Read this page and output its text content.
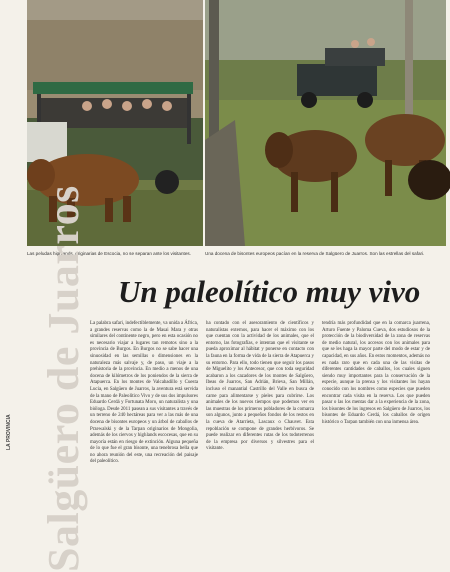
Las peludas highlands, originarias de Escocia, no se separan ante los visitantes.	Una docena de bisontes europeos pacían en la reserva de Salgüero de Juarros. Son las estrellas del safari.
Salgüero de Juarros
LA PROVINCIA
Un paleolítico muy vivo
La palabra safari, indefectiblemente, va unida a África, a grandes reservas como la de Masai Mara y otras similares del continente negro, pero en esta ocasión no es necesario viajar a lugares tan remotos sino a la provincia de Burgos. En Burgos no se sabe hacer una sinuosidad en las semillas o dimensiones en la naturaleza más salvaje y, de paso, un viaje a la prehistoria de la provincia. En medio a menos de una docena de kilómetros de los poniendos de la sierra de Atapuerca. En los montes de Valcabadillo y Cuesta Lucia, en Salgüero de Juarros, la aventura está servida de la mano de Paleolítico Vivo y de sus dos impulsores Eduardo Cerdá y Fortunata Moro, un naturalista y una bióloga. Desde 2011 pasean a sus visitantes a través de un terreno de 240 hectáreas para ver a las más de una docena de bisontes europeos y un árbol de caballos de Przewalski y de la Tarpan originarios de Mongolia, además de los ciervos y highlands escocesas, que en su mayoría están en riesgo de extinción. Alguna pequeña de lo que fue el gran bisonte, una tenebrosa bella que no ahora reunión del este, una recreación del paisaje del paleolítico.
ha contado con el asesoramiento de científicos y naturalistas externos, para hacer el máximo con los que cuentan con la actividad de los animales, que el entorno, las fotografías, e intentan que el visitante se pueda aproximar al hábitat y ponerse en contacto con la fauna en la forma de vida de la sierra de Atapuerca y su entorno. Para ello, todo tienen que seguir los pasos de Miguelito y los Antecesor, que con toda seguridad acabaron a los cazadores de los montes de Salgüero, Ibeas de Juarros, San Adrián, Brieva, San Millán, incluso el manantial Castrillo del Valle en busca de carne para alimentarse y pieles para cubrirse. Los animales de los nuevos tiempos que podemos ver en las muestras de los primeros pobladores de la comarca son algunos, junto a pequeños fondos de los restos en la cueva de Atarrieta, Lascaux o Chauvet. Esta repoblación se compone de grandes herbívoros. Se puede realizar en diferentes rutas de los todoterrenos de la empresa por diversos y silvestres para el visitante.
tendría más profundidad que en la comarca juarrena, Arturo Fuente y Paloma Cueva, dos estudiosos de la protección de la biodiversidad de la zona de reservas de medio natural, los accesos con los animales para que se les haga la mayor parte del modo de estar y de capacidad, en sus años. En estos momentos, además no es nada raro que en cada una de las visitas de diferentes cantidades de caballos, los cuales siguen siendo muy importantes para la conservación de la especie, aunque la prensa y los visitantes los hayan conocido con los nombres como especies que pueden encontrar cada visita en la reserva. Los que pueden pasar o las los mentas dar a la experiencia de la zona, los bisontes de los ingresos en Salgüero de Juarros, los bisontes de Eduardo Cerdá, los caballos de origen histórico o Tarpan también con una inmensa área.
